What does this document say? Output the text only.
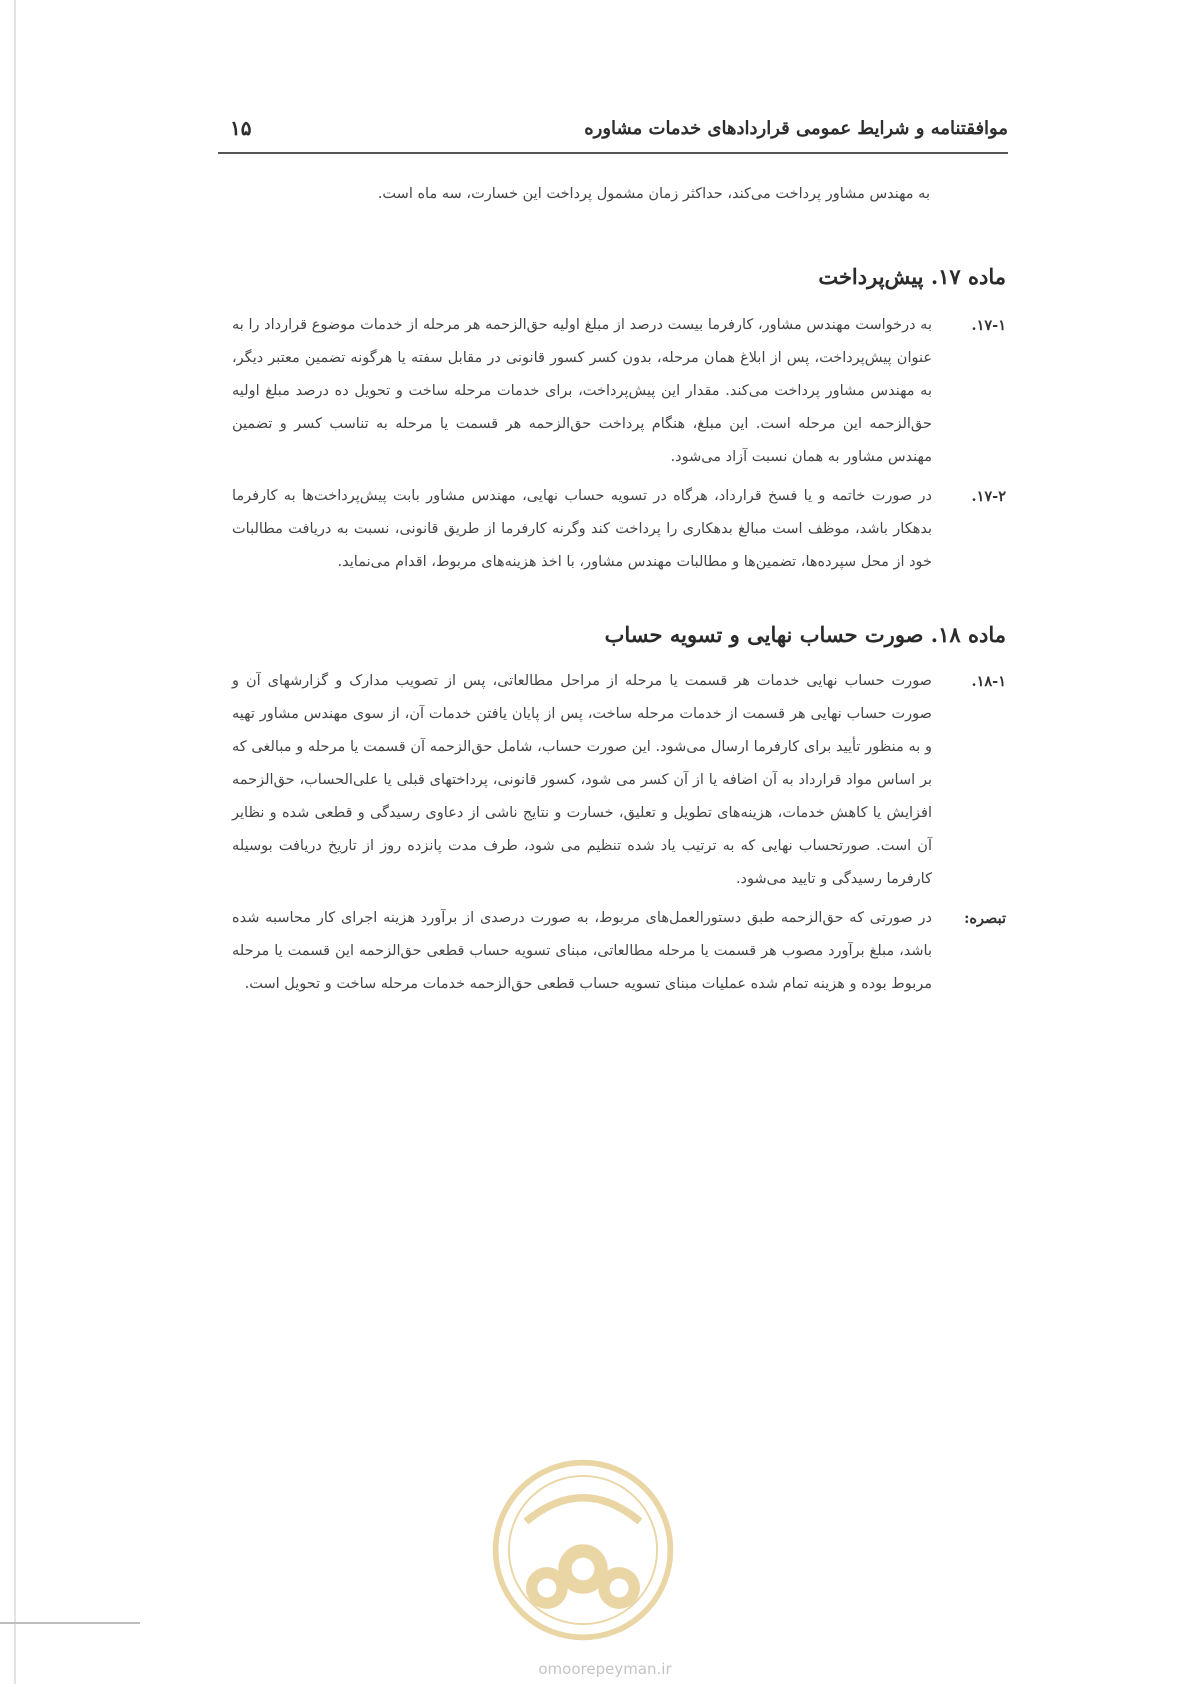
موافقتنامه و شرایط عمومی قراردادهای خدمات مشاوره
۱۵

به مهندس مشاور پرداخت می‌کند، حداکثر زمان مشمول پرداخت این خسارت، سه ماه است.

ماده ۱۷. پیش‌پرداخت
۱۷-۱.

به درخواست مهندس مشاور، کارفرما بیست درصد از مبلغ اولیه حق‌الزحمه هر مرحله از خدمات موضوع قرارداد را به عنوان پیش‌پرداخت، پس از ابلاغ همان مرحله، بدون کسر کسور قانونی در مقابل سفته یا هرگونه تضمین معتبر دیگر، به مهندس مشاور پرداخت می‌کند. مقدار این پیش‌پرداخت، برای خدمات مرحله ساخت و تحویل ده درصد مبلغ اولیه حق‌الزحمه این مرحله است. این مبلغ، هنگام پرداخت حق‌الزحمه هر قسمت یا مرحله به تناسب کسر و تضمین مهندس مشاور به همان نسبت آزاد می‌شود.

۱۷-۲.

در صورت خاتمه و یا فسخ قرارداد، هرگاه در تسویه حساب نهایی، مهندس مشاور بابت پیش‌پرداخت‌ها به کارفرما بدهکار باشد، موظف است مبالغ بدهکاری را پرداخت کند وگرنه کارفرما از طریق قانونی، نسبت به دریافت مطالبات خود از محل سپرده‌ها، تضمین‌ها و مطالبات مهندس مشاور، با اخذ هزینه‌های مربوط، اقدام می‌نماید.

ماده ۱۸. صورت حساب نهایی و تسویه حساب
۱۸-۱.

صورت حساب نهایی خدمات هر قسمت یا مرحله از مراحل مطالعاتی، پس از تصویب مدارک و گزارشهای آن و صورت حساب نهایی هر قسمت از خدمات مرحله ساخت، پس از پایان یافتن خدمات آن، از سوی مهندس مشاور تهیه و به منظور تأیید برای کارفرما ارسال می‌شود. این صورت حساب، شامل حق‌الزحمه آن قسمت یا مرحله و مبالغی که بر اساس مواد قرارداد به آن اضافه یا از آن کسر می شود، کسور قانونی، پرداختهای قبلی یا علی‌الحساب، حق‌الزحمه افزایش یا کاهش خدمات، هزینه‌های تطویل و تعلیق، خسارت و نتایج ناشی از دعاوی رسیدگی و قطعی شده و نظایر آن است. صورتحساب نهایی که به ترتیب یاد شده تنظیم می شود، طرف مدت پانزده روز از تاریخ دریافت بوسیله کارفرما رسیدگی و تایید می‌شود.

تبصره:

در صورتی که حق‌الزحمه طبق دستورالعمل‌های مربوط، به صورت درصدی از برآورد هزینه اجرای کار محاسبه شده باشد، مبلغ برآورد مصوب هر قسمت یا مرحله مطالعاتی، مبنای تسویه حساب قطعی حق‌الزحمه این قسمت یا مرحله مربوط بوده و هزینه تمام شده عملیات مبنای تسویه حساب قطعی حق‌الزحمه خدمات مرحله ساخت و تحویل است.

omoorepeyman.ir
